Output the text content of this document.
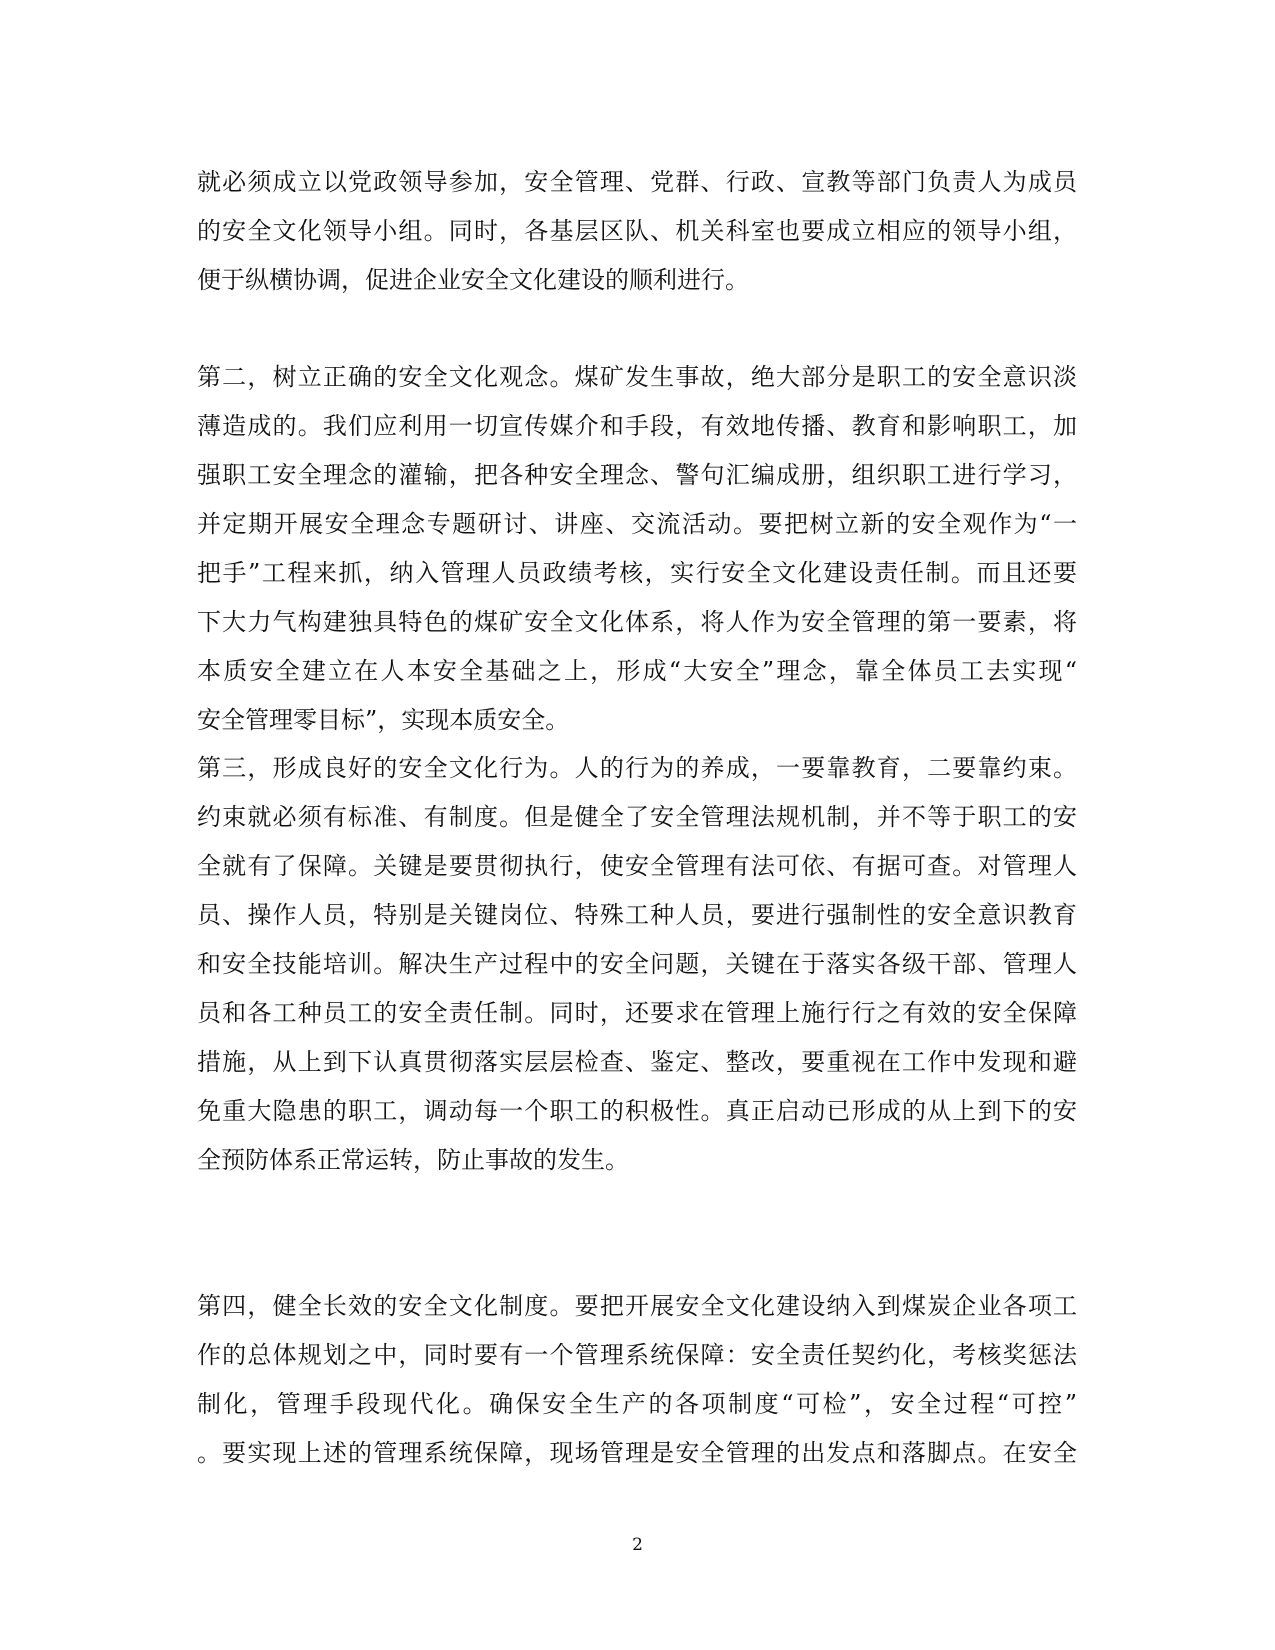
就必须成立以党政领导参加，安全管理、党群、行政、宣教等部门负责人为成员
的安全文化领导小组。同时，各基层区队、机关科室也要成立相应的领导小组，
便于纵横协调，促进企业安全文化建设的顺利进行。
第二，树立正确的安全文化观念。煤矿发生事故，绝大部分是职工的安全意识淡
薄造成的。我们应利用一切宣传媒介和手段，有效地传播、教育和影响职工，加
强职工安全理念的灌输，把各种安全理念、警句汇编成册，组织职工进行学习，
并定期开展安全理念专题研讨、讲座、交流活动。要把树立新的安全观作为“一
把手”工程来抓，纳入管理人员政绩考核，实行安全文化建设责任制。而且还要
下大力气构建独具特色的煤矿安全文化体系，将人作为安全管理的第一要素，将
本质安全建立在人本安全基础之上，形成“大安全”理念，靠全体员工去实现“
安全管理零目标”，实现本质安全。
第三，形成良好的安全文化行为。人的行为的养成，一要靠教育，二要靠约束。
约束就必须有标准、有制度。但是健全了安全管理法规机制，并不等于职工的安
全就有了保障。关键是要贯彻执行，使安全管理有法可依、有据可查。对管理人
员、操作人员，特别是关键岗位、特殊工种人员，要进行强制性的安全意识教育
和安全技能培训。解决生产过程中的安全问题，关键在于落实各级干部、管理人
员和各工种员工的安全责任制。同时，还要求在管理上施行行之有效的安全保障
措施，从上到下认真贯彻落实层层检查、鉴定、整改，要重视在工作中发现和避
免重大隐患的职工，调动每一个职工的积极性。真正启动已形成的从上到下的安
全预防体系正常运转，防止事故的发生。
第四，健全长效的安全文化制度。要把开展安全文化建设纳入到煤炭企业各项工
作的总体规划之中，同时要有一个管理系统保障：安全责任契约化，考核奖惩法
制化，管理手段现代化。确保安全生产的各项制度“可检”，安全过程“可控”
。要实现上述的管理系统保障，现场管理是安全管理的出发点和落脚点。在安全
2
